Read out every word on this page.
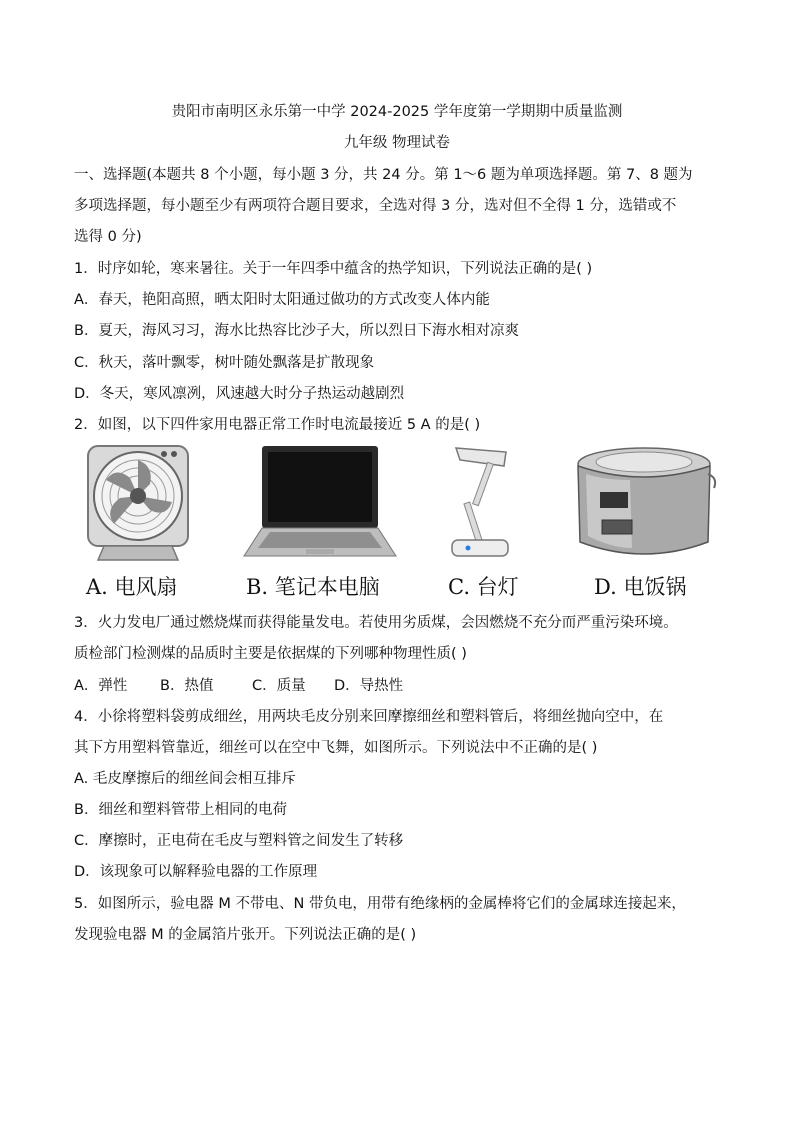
贵阳市南明区永乐第一中学 2024-2025 学年度第一学期期中质量监测
九年级 物理试卷
一、选择题(本题共 8 个小题，每小题 3 分，共 24 分。第 1～6 题为单项选择题。第 7、8 题为
多项选择题，每小题至少有两项符合题目要求，全选对得 3 分，选对但不全得 1 分，选错或不
选得 0 分)
1．时序如轮，寒来暑往。关于一年四季中蕴含的热学知识，下列说法正确的是( )
A．春天，艳阳高照，晒太阳时太阳通过做功的方式改变人体内能
B．夏天，海风习习，海水比热容比沙子大，所以烈日下海水相对凉爽
C．秋天，落叶飘零，树叶随处飘落是扩散现象
D．冬天，寒风凛冽，风速越大时分子热运动越剧烈
2．如图，以下四件家用电器正常工作时电流最接近 5 A 的是( )
A. 电风扇	B. 笔记本电脑	C. 台灯	D. 电饭锅
3．火力发电厂通过燃烧煤而获得能量发电。若使用劣质煤，会因燃烧不充分而严重污染环境。
质检部门检测煤的品质时主要是依据煤的下列哪种物理性质( )
A．弹性 B．热值	C．质量 D．导热性
4．小徐将塑料袋剪成细丝，用两块毛皮分别来回摩擦细丝和塑料管后，将细丝抛向空中，在
其下方用塑料管靠近，细丝可以在空中飞舞，如图所示。下列说法中不正确的是( )
A. 毛皮摩擦后的细丝间会相互排斥
B．细丝和塑料管带上相同的电荷
C．摩擦时，正电荷在毛皮与塑料管之间发生了转移
D．该现象可以解释验电器的工作原理
5．如图所示，验电器 M 不带电、N 带负电，用带有绝缘柄的金属棒将它们的金属球连接起来，
发现验电器 M 的金属箔片张开。下列说法正确的是( )
